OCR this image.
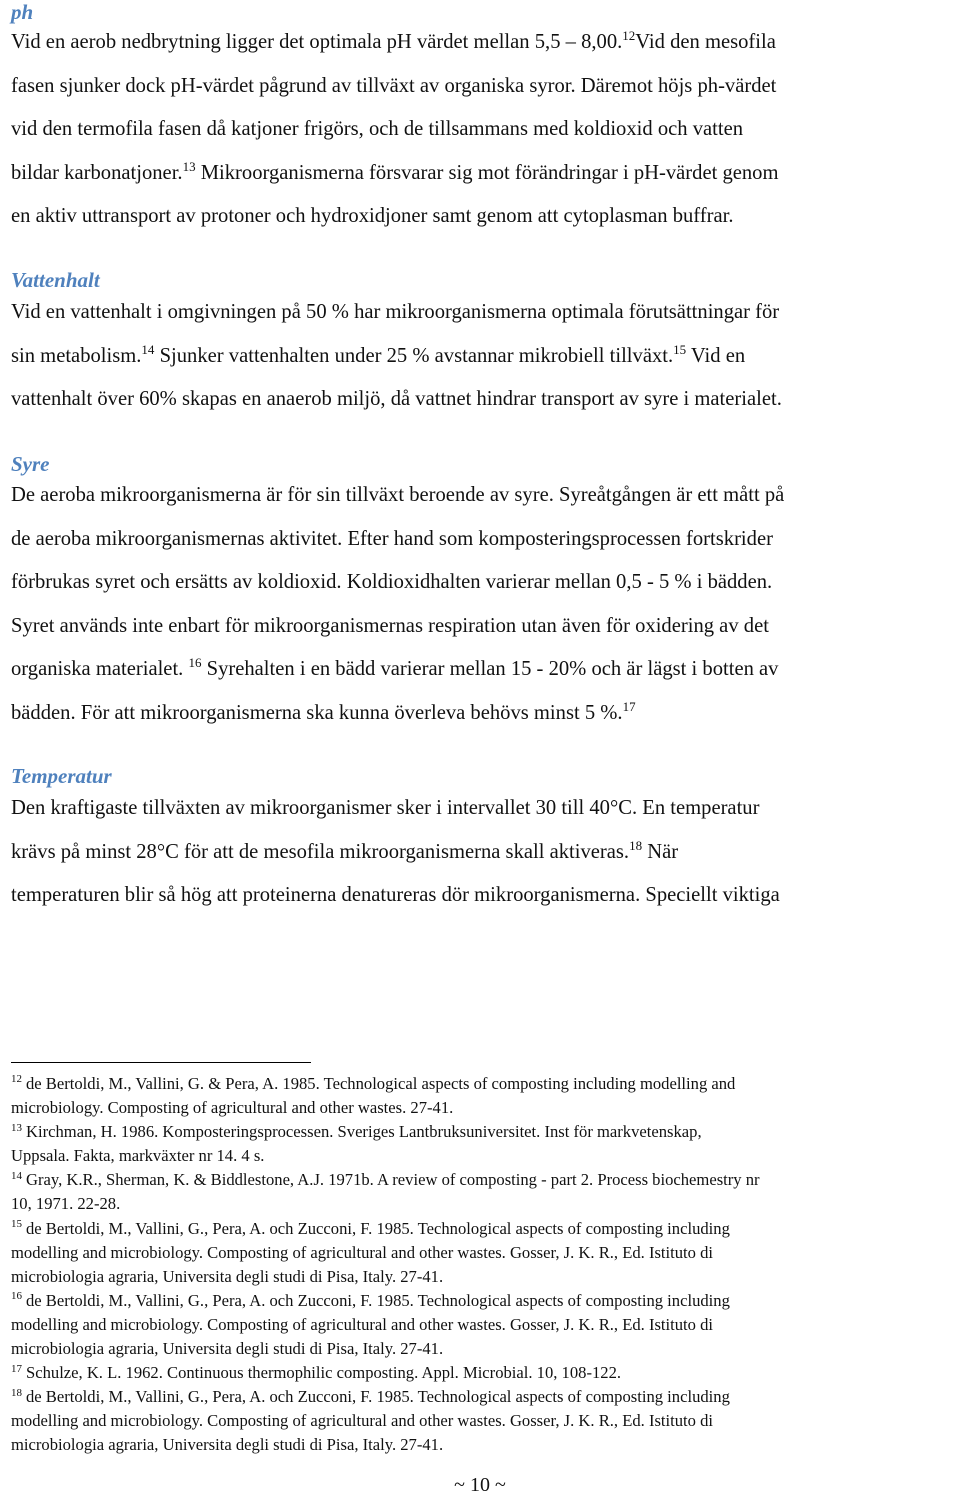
ph
Vid en aerob nedbrytning ligger det optimala pH värdet mellan 5,5 – 8,00.12Vid den mesofila
fasen sjunker dock pH-värdet pågrund av tillväxt av organiska syror. Däremot höjs ph-värdet
vid den termofila fasen då katjoner frigörs, och de tillsammans med koldioxid och vatten
bildar karbonatjoner.$^{13}$ Mikroorganismerna försvarar sig mot förändringar i pH-värdet genom
en aktiv uttransport av protoner och hydroxidjoner samt genom att cytoplasman buffrar.
Vattenhalt
Vid en vattenhalt i omgivningen på 50 % har mikroorganismerna optimala förutsättningar för
sin metabolism.$^{14}$ Sjunker vattenhalten under 25 % avstannar mikrobiell tillväxt.$^{15}$ Vid en
vattenhalt över 60% skapas en anaerob miljö, då vattnet hindrar transport av syre i materialet.
Syre
De aeroba mikroorganismerna är för sin tillväxt beroende av syre. Syreåtgången är ett mått på
de aeroba mikroorganismernas aktivitet. Efter hand som komposteringsprocessen fortskrider
förbrukas syret och ersätts av koldioxid. Koldioxidhalten varierar mellan 0,5 - 5 % i bädden.
Syret används inte enbart för mikroorganismernas respiration utan även för oxidering av det
organiska materialet. $^{16}$ Syrehalten i en bädd varierar mellan 15 - 20% och är lägst i botten av
bädden. För att mikroorganismerna ska kunna överleva behövs minst 5 %.$^{17}$
Temperatur
Den kraftigaste tillväxten av mikroorganismer sker i intervallet 30 till 40°C. En temperatur
krävs på minst 28°C för att de mesofila mikroorganismerna skall aktiveras.$^{18}$ När
temperaturen blir så hög att proteinerna denatureras dör mikroorganismerna. Speciellt viktiga
$^{12}$ de Bertoldi, M., Vallini, G. & Pera, A. 1985. Technological aspects of composting including modelling and
microbiology. Composting of agricultural and other wastes. 27-41.
$^{13}$ Kirchman, H. 1986. Komposteringsprocessen. Sveriges Lantbruksuniversitet. Inst för markvetenskap,
Uppsala. Fakta, markväxter nr 14. 4 s.
$^{14}$ Gray, K.R., Sherman, K. & Biddlestone, A.J. 1971b. A review of composting - part 2. Process biochemestry nr
10, 1971. 22-28.
$^{15}$ de Bertoldi, M., Vallini, G., Pera, A. och Zucconi, F. 1985. Technological aspects of composting including
modelling and microbiology. Composting of agricultural and other wastes. Gosser, J. K. R., Ed. Istituto di
microbiologia agraria, Universita degli studi di Pisa, Italy. 27-41.
$^{16}$ de Bertoldi, M., Vallini, G., Pera, A. och Zucconi, F. 1985. Technological aspects of composting including
modelling and microbiology. Composting of agricultural and other wastes. Gosser, J. K. R., Ed. Istituto di
microbiologia agraria, Universita degli studi di Pisa, Italy. 27-41.
$^{17}$ Schulze, K. L. 1962. Continuous thermophilic composting. Appl. Microbial. 10, 108-122.
$^{18}$ de Bertoldi, M., Vallini, G., Pera, A. och Zucconi, F. 1985. Technological aspects of composting including
modelling and microbiology. Composting of agricultural and other wastes. Gosser, J. K. R., Ed. Istituto di
microbiologia agraria, Universita degli studi di Pisa, Italy. 27-41.
~ 10 ~
